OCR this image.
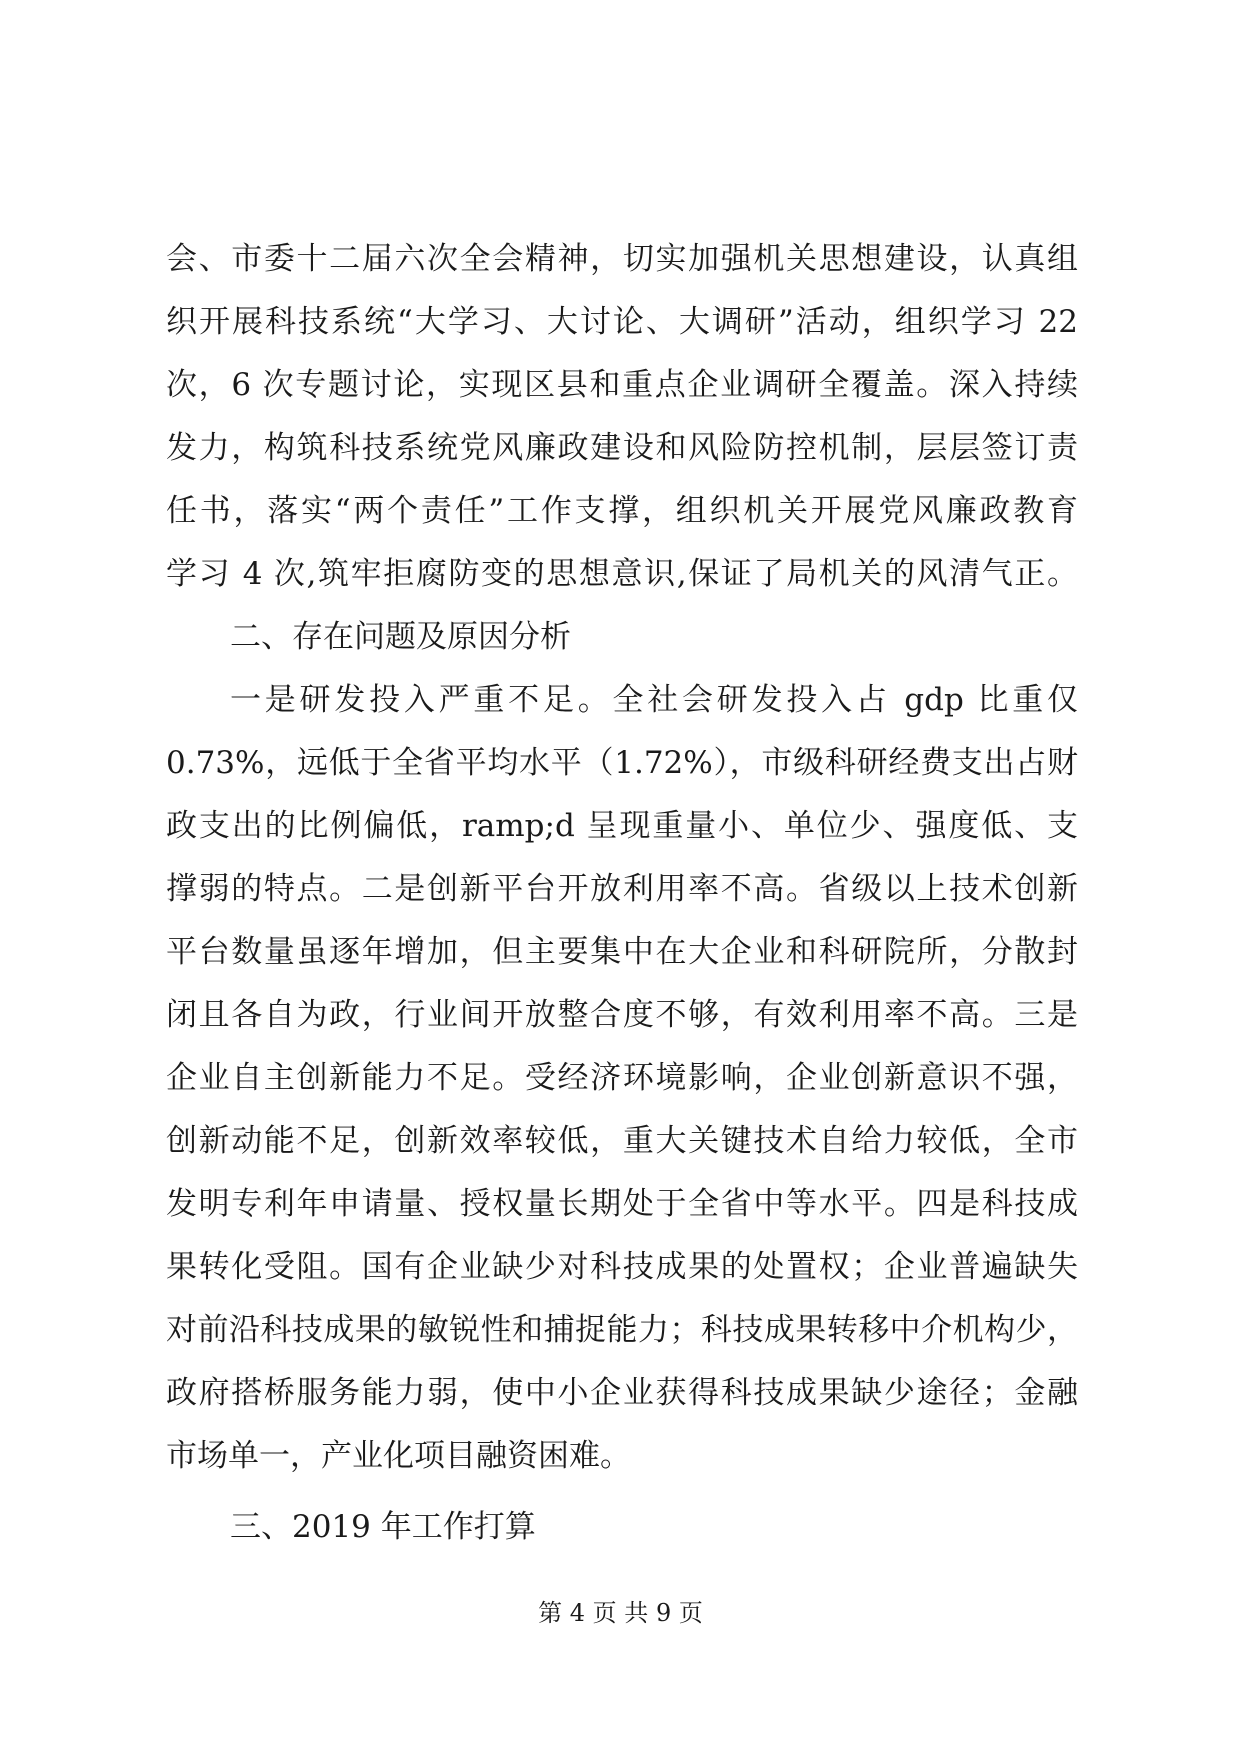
会、市委十二届六次全会精神，切实加强机关思想建设，认真组
织开展科技系统“大学习、大讨论、大调研”活动，组织学习 22
次，6 次专题讨论，实现区县和重点企业调研全覆盖。深入持续
发力，构筑科技系统党风廉政建设和风险防控机制，层层签订责
任书，落实“两个责任”工作支撑，组织机关开展党风廉政教育
学习 4 次,筑牢拒腐防变的思想意识,保证了局机关的风清气正。
二、存在问题及原因分析
一是研发投入严重不足。全社会研发投入占 gdp 比重仅
0.73%，远低于全省平均水平（1.72%），市级科研经费支出占财
政支出的比例偏低，ramp;d 呈现重量小、单位少、强度低、支
撑弱的特点。二是创新平台开放利用率不高。省级以上技术创新
平台数量虽逐年增加，但主要集中在大企业和科研院所，分散封
闭且各自为政，行业间开放整合度不够，有效利用率不高。三是
企业自主创新能力不足。受经济环境影响，企业创新意识不强，
创新动能不足，创新效率较低，重大关键技术自给力较低，全市
发明专利年申请量、授权量长期处于全省中等水平。四是科技成
果转化受阻。国有企业缺少对科技成果的处置权；企业普遍缺失
对前沿科技成果的敏锐性和捕捉能力；科技成果转移中介机构少，
政府搭桥服务能力弱，使中小企业获得科技成果缺少途径；金融
市场单一，产业化项目融资困难。
三、2019 年工作打算
第 4 页 共 9 页
